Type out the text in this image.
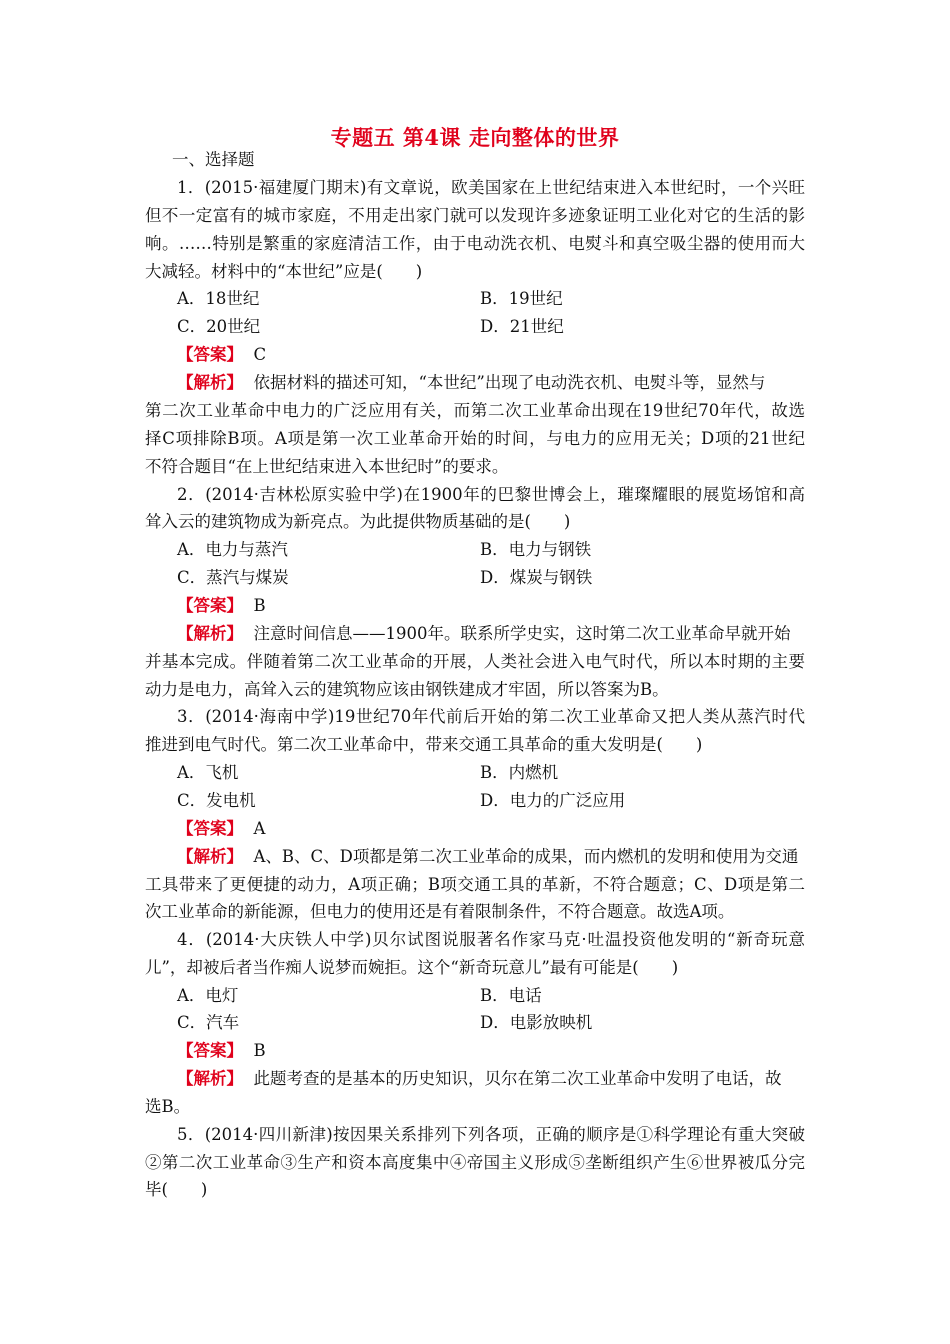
专题五 第4课 走向整体的世界
一、选择题
1．(2015·福建厦门期末)有文章说，欧美国家在上世纪结束进入本世纪时，一个兴旺
但不一定富有的城市家庭，不用走出家门就可以发现许多迹象证明工业化对它的生活的影
响。……特别是繁重的家庭清洁工作，由于电动洗衣机、电熨斗和真空吸尘器的使用而大
大减轻。材料中的“本世纪”应是(　　)
A．18世纪	B．19世纪
C．20世纪	D．21世纪
【答案】 C
【解析】 依据材料的描述可知，“本世纪”出现了电动洗衣机、电熨斗等，显然与
第二次工业革命中电力的广泛应用有关，而第二次工业革命出现在19世纪70年代，故选
择C项排除B项。A项是第一次工业革命开始的时间，与电力的应用无关；D项的21世纪
不符合题目“在上世纪结束进入本世纪时”的要求。
2．(2014·吉林松原实验中学)在1900年的巴黎世博会上，璀璨耀眼的展览场馆和高
耸入云的建筑物成为新亮点。为此提供物质基础的是(　　)
A．电力与蒸汽	B．电力与钢铁
C．蒸汽与煤炭	D．煤炭与钢铁
【答案】 B
【解析】 注意时间信息——1900年。联系所学史实，这时第二次工业革命早就开始
并基本完成。伴随着第二次工业革命的开展，人类社会进入电气时代，所以本时期的主要
动力是电力，高耸入云的建筑物应该由钢铁建成才牢固，所以答案为B。
3．(2014·海南中学)19世纪70年代前后开始的第二次工业革命又把人类从蒸汽时代
推进到电气时代。第二次工业革命中，带来交通工具革命的重大发明是(　　)
A．飞机	B．内燃机
C．发电机	D．电力的广泛应用
【答案】 A
【解析】 A、B、C、D项都是第二次工业革命的成果，而内燃机的发明和使用为交通
工具带来了更便捷的动力，A项正确；B项交通工具的革新，不符合题意；C、D项是第二
次工业革命的新能源，但电力的使用还是有着限制条件，不符合题意。故选A项。
4．(2014·大庆铁人中学)贝尔试图说服著名作家马克·吐温投资他发明的“新奇玩意
儿”，却被后者当作痴人说梦而婉拒。这个“新奇玩意儿”最有可能是(　　)
A．电灯	B．电话
C．汽车	D．电影放映机
【答案】 B
【解析】 此题考查的是基本的历史知识，贝尔在第二次工业革命中发明了电话，故
选B。
5．(2014·四川新津)按因果关系排列下列各项，正确的顺序是①科学理论有重大突破
②第二次工业革命③生产和资本高度集中④帝国主义形成⑤垄断组织产生⑥世界被瓜分完
毕(　　)
